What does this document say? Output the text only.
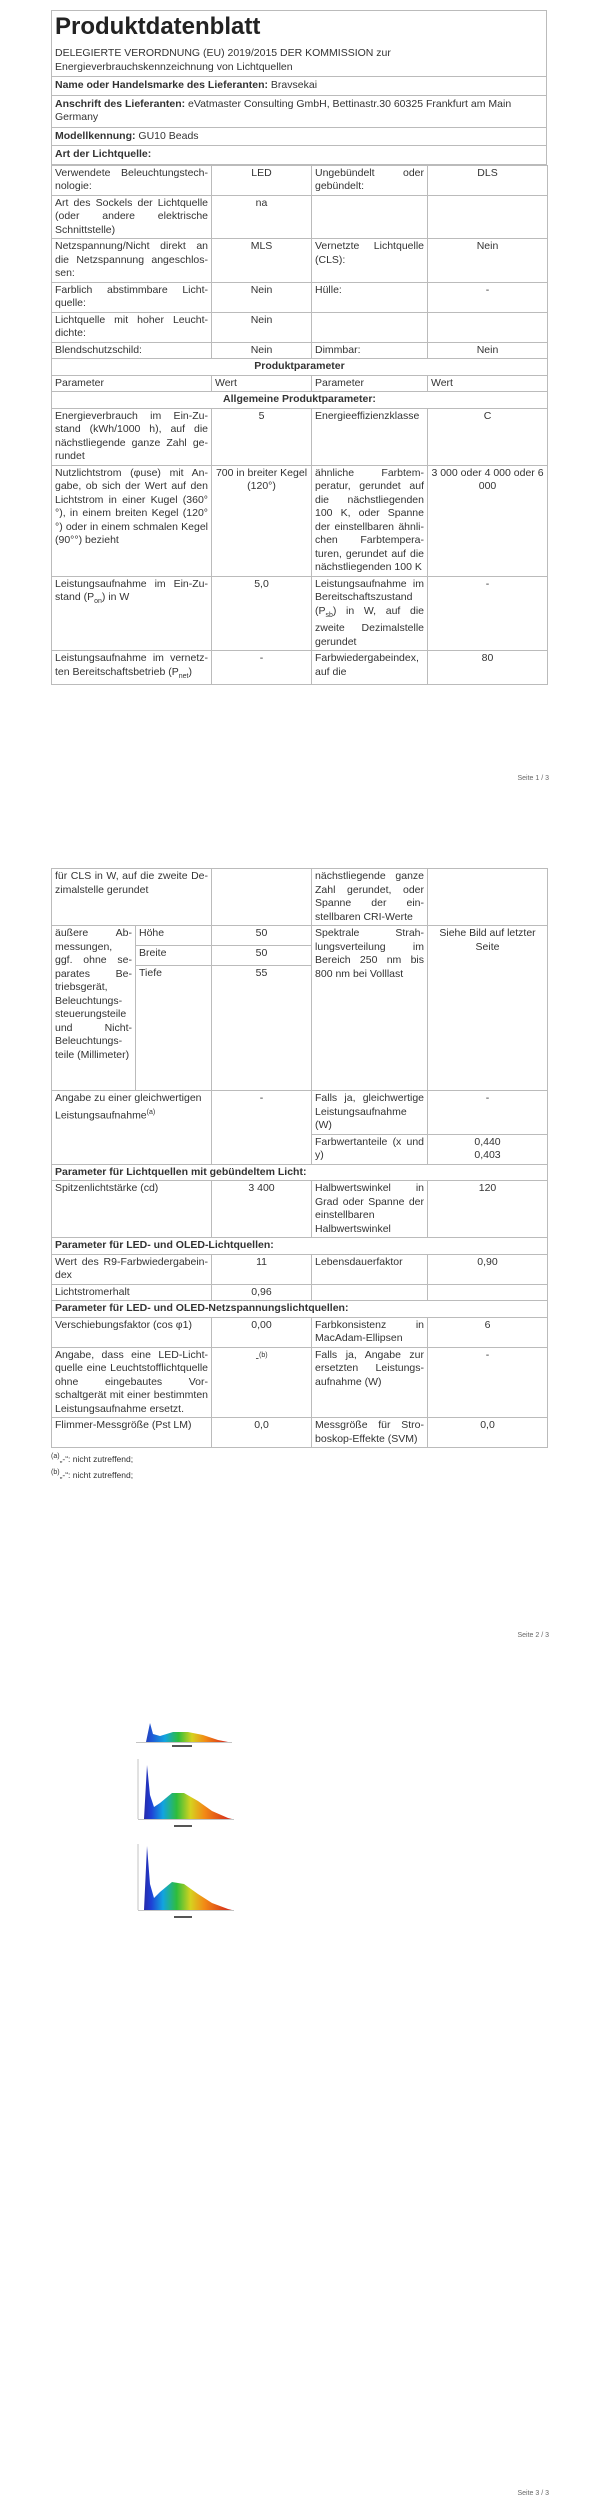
Produktdatenblatt
DELEGIERTE VERORDNUNG (EU) 2019/2015 DER KOMMISSION zur Energieverbrauchskennzeichnung von Lichtquellen
Name oder Handelsmarke des Lieferanten: Bravsekai
Anschrift des Lieferanten: eVatmaster Consulting GmbH, Bettinastr.30 60325 Frankfurt am Main Germany
Modellkennung: GU10 Beads
Art der Lichtquelle:
Verwendete Beleuchtungstechnologie:	LED	Ungebündelt oder gebündelt:	DLS
Art des Sockels der Lichtquelle (oder andere elektrische Schnittstelle)	na		
Netzspannung/Nicht direkt an die Netzspannung angeschlossen:	MLS	Vernetzte Lichtquelle (CLS):	Nein
Farblich abstimmbare Lichtquelle:	Nein	Hülle:	-
Lichtquelle mit hoher Leuchtdichte:	Nein		
Blendschutzschild:	Nein	Dimmbar:	Nein
Produktparameter			
Parameter	Wert	Parameter	Wert
Allgemeine Produktparameter:			
Energieverbrauch im Ein-Zustand (kWh/1000 h), auf die nächstliegende ganze Zahl gerundet	5	Energieeffizienzklasse	C
Nutzlichtstrom (φuse) mit Angabe, ob sich der Wert auf den Lichtstrom in einer Kugel (360°°), in einem breiten Kegel (120°°) oder in einem schmalen Kegel (90°°) bezieht	700 in breiter Kegel (120°)	ähnliche Farbtemperatur, gerundet auf die nächstliegenden 100 K, oder Spanne der einstellbaren ähnlichen Farbtemperaturen, gerundet auf die nächstliegenden 100 K	3 000 oder 4 000 oder 6 000
Leistungsaufnahme im Ein-Zustand $(P_{on})$ in W	5,0	Leistungsaufnahme im Bereitschaftszustand $(P_{sb})$ in W, auf die zweite Dezimalstelle gerundet	-
Leistungsaufnahme im vernetzten Bereitschaftsbetrieb $(P_{net})$	-	Farbwiedergabeindex, auf die	80
Seite 1 / 3
für CLS in W, auf die zweite Dezimalstelle gerundet			nächstliegende ganze Zahl gerundet, oder Spanne der einstellbaren CRI-Werte	
äußere Abmessungen, ggf. ohne separates Betriebsgerät, Beleuchtungssteuerungsteile und Nicht-Beleuchtungsteile (Millimeter)	Höhe	50	Spektrale Strahlungsverteilung im Bereich 250 nm bis 800 nm bei Volllast	Siehe Bild auf letzter Seite
	Breite	50		
	Tiefe	55		
Angabe zu einer gleichwertigen Leistungsaufnahme$^{(a)}$		-	Falls ja, gleichwertige Leistungsaufnahme (W)	-
			Farbwertanteile (x und y)	0,440
0,403

Parameter für Lichtquellen mit gebündeltem Licht:				
Spitzenlichtstärke (cd)		3 400	Halbwertswinkel in Grad oder Spanne der einstellbaren Halbwertswinkel	120
Parameter für LED- und OLED-Lichtquellen:				
Wert des R9-Farbwiedergabeindex		11	Lebensdauerfaktor	0,90
Lichtstromerhalt		0,96		
Parameter für LED- und OLED-Netzspannungslichtquellen:				
Verschiebungsfaktor (cos φ1)		0,00	Farbkonsistenz in MacAdam-Ellipsen	6
Angabe, dass eine LED-Lichtquelle eine Leuchtstofflichtquelle ohne eingebautes Vorschaltgerät mit einer bestimmten Leistungsaufnahme ersetzt.		-$^{(b)}$	Falls ja, Angabe zur ersetzten Leistungsaufnahme (W)	-
Flimmer-Messgröße (Pst LM)		0,0	Messgröße für Stroboskop-Effekte (SVM)	0,0
$^{(a)}$„-“: nicht zutreffend;
$^{(b)}$„-“: nicht zutreffend;
Seite 2 / 3
Seite 3 / 3
